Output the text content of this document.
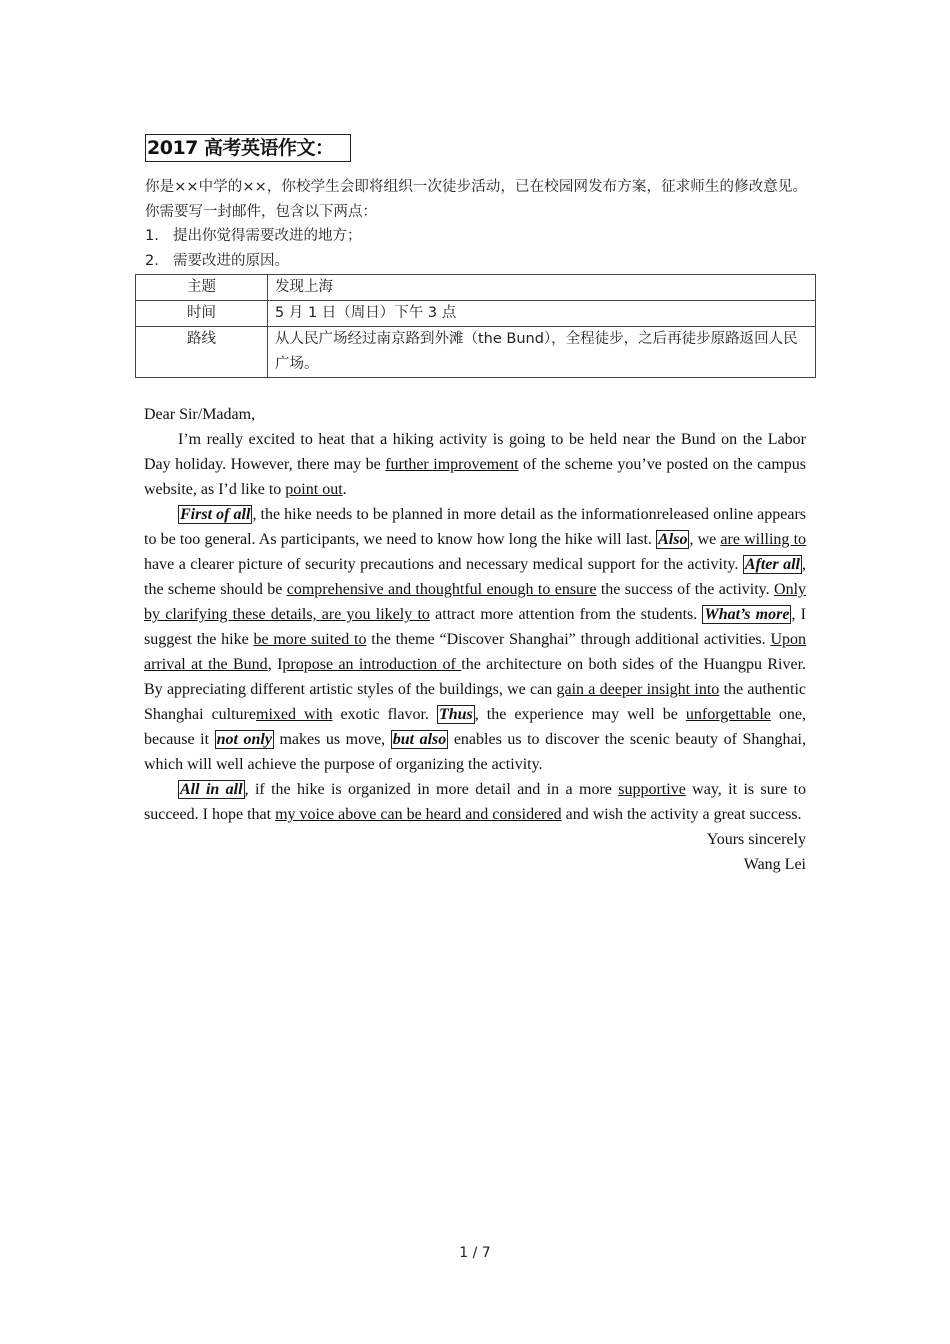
2017 高考英语作文：
你是××中学的××，你校学生会即将组织一次徒步活动，已在校园网发布方案，征求师生的修改意见。你需要写一封邮件，包含以下两点：
1. 提出你觉得需要改进的地方；
2. 需要改进的原因。
主题	发现上海
时间	5 月 1 日（周日）下午 3 点
路线	从人民广场经过南京路到外滩（the Bund），全程徒步，之后再徒步原路返回人民广场。

Dear Sir/Madam,

I’m really excited to heat that a hiking activity is going to be held near the Bund on the Labor Day holiday. However, there may be further improvement of the scheme you’ve posted on the campus website, as I’d like to point out.

First of all , the hike needs to be planned in more detail as the informationreleased online appears to be too general. As participants, we need to know how long the hike will last. Also , we are willing to have a clearer picture of security precautions and necessary medical support for the activity. After all , the scheme should be comprehensive and thoughtful enough to ensure the success of the activity. Only by clarifying these details, are you likely to attract more attention from the students. What’s more , I suggest the hike be more suited to the theme “Discover Shanghai” through additional activities. Upon arrival at the Bund, Ipropose an introduction of the architecture on both sides of the Huangpu River. By appreciating different artistic styles of the buildings, we can gain a deeper insight into the authentic Shanghai culturemixed with exotic flavor. Thus , the experience may well be unforgettable one, because it not only makes us move, but also enables us to discover the scenic beauty of Shanghai, which will well achieve the purpose of organizing the activity.

All in all , if the hike is organized in more detail and in a more supportive way, it is sure to succeed. I hope that my voice above can be heard and considered and wish the activity a great success.

Yours sincerely

Wang Lei

1 / 7
